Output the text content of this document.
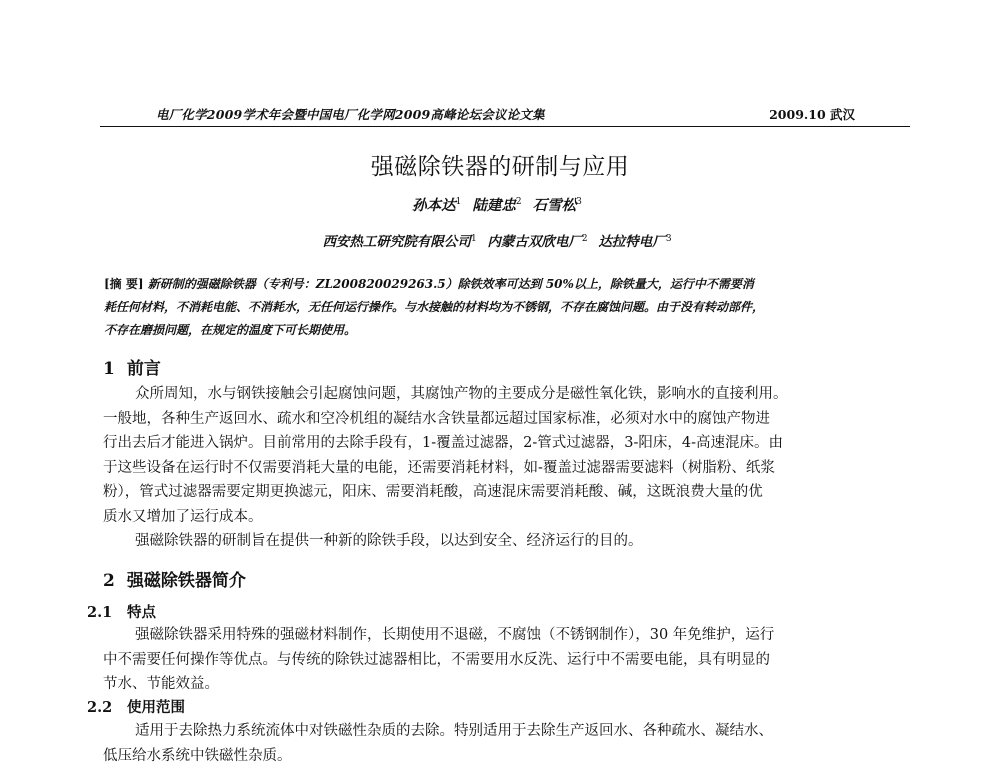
电厂化学2009学术年会暨中国电厂化学网2009高峰论坛会议论文集	2009.10 武汉
强磁除铁器的研制与应用
孙本达$^1$ 陆建忠$^2$ 石雪松$^3$
西安热工研究院有限公司$^1$ 内蒙古双欣电厂$^2$ 达拉特电厂$^3$
[摘 要] 新研制的强磁除铁器（专利号：ZL200820029263.5）除铁效率可达到 50%以上，除铁量大，运行中不需要消
耗任何材料，不消耗电能、不消耗水，无任何运行操作。与水接触的材料均为不锈钢，不存在腐蚀问题。由于没有转动部件，
不存在磨损问题，在规定的温度下可长期使用。
1 前言
众所周知，水与钢铁接触会引起腐蚀问题，其腐蚀产物的主要成分是磁性氧化铁，影响水的直接利用。
一般地，各种生产返回水、疏水和空冷机组的凝结水含铁量都远超过国家标准，必须对水中的腐蚀产物进
行出去后才能进入锅炉。目前常用的去除手段有，1-覆盖过滤器，2-管式过滤器，3-阳床，4-高速混床。由
于这些设备在运行时不仅需要消耗大量的电能，还需要消耗材料，如-覆盖过滤器需要滤料（树脂粉、纸浆
粉），管式过滤器需要定期更换滤元，阳床、需要消耗酸，高速混床需要消耗酸、碱，这既浪费大量的优
质水又增加了运行成本。
强磁除铁器的研制旨在提供一种新的除铁手段，以达到安全、经济运行的目的。
2 强磁除铁器简介
2.1 特点
强磁除铁器采用特殊的强磁材料制作，长期使用不退磁，不腐蚀（不锈钢制作），30 年免维护，运行
中不需要任何操作等优点。与传统的除铁过滤器相比，不需要用水反洗、运行中不需要电能，具有明显的
节水、节能效益。
2.2 使用范围
适用于去除热力系统流体中对铁磁性杂质的去除。特别适用于去除生产返回水、各种疏水、凝结水、
低压给水系统中铁磁性杂质。
